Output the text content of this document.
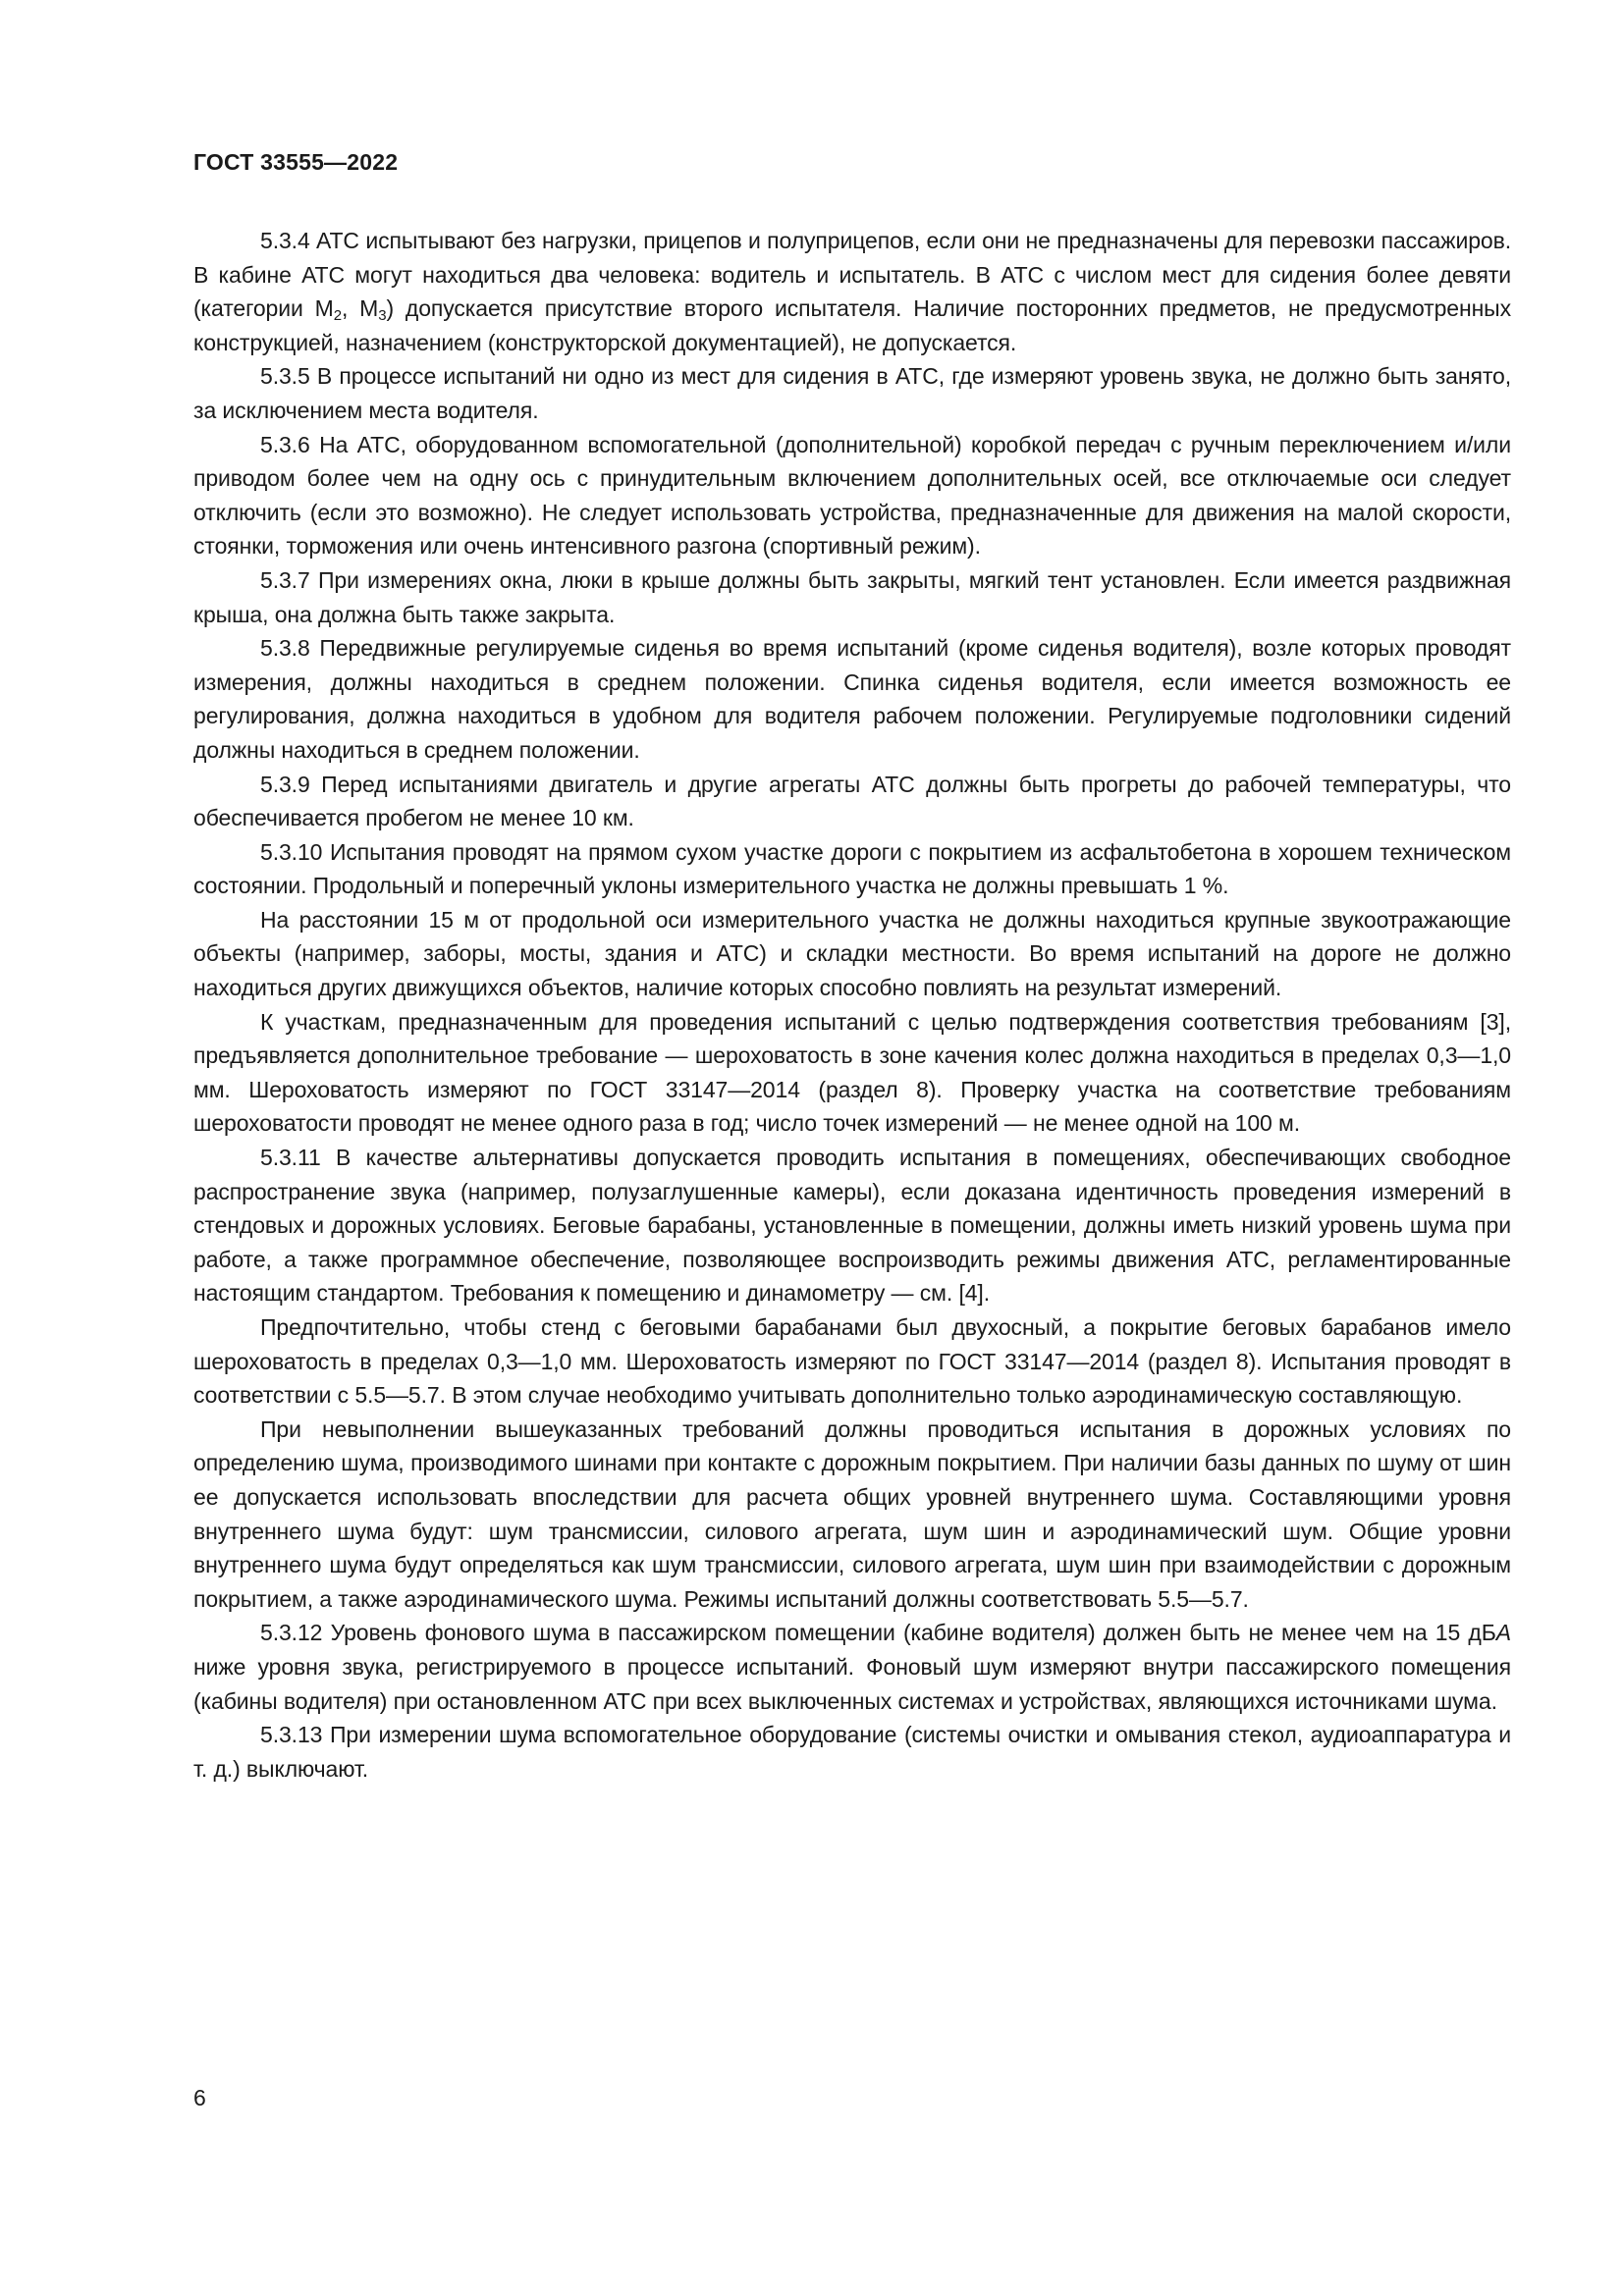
ГОСТ 33555—2022

5.3.4 АТС испытывают без нагрузки, прицепов и полуприцепов, если они не предназначены для перевозки пассажиров. В кабине АТС могут находиться два человека: водитель и испытатель. В АТС с числом мест для сидения более девяти (категории $M_2$, $M_3$) допускается присутствие второго испытателя. Наличие посторонних предметов, не предусмотренных конструкцией, назначением (конструкторской документацией), не допускается.

5.3.5 В процессе испытаний ни одно из мест для сидения в АТС, где измеряют уровень звука, не должно быть занято, за исключением места водителя.

5.3.6 На АТС, оборудованном вспомогательной (дополнительной) коробкой передач с ручным переключением и/или приводом более чем на одну ось с принудительным включением дополнительных осей, все отключаемые оси следует отключить (если это возможно). Не следует использовать устройства, предназначенные для движения на малой скорости, стоянки, торможения или очень интенсивного разгона (спортивный режим).

5.3.7 При измерениях окна, люки в крыше должны быть закрыты, мягкий тент установлен. Если имеется раздвижная крыша, она должна быть также закрыта.

5.3.8 Передвижные регулируемые сиденья во время испытаний (кроме сиденья водителя), возле которых проводят измерения, должны находиться в среднем положении. Спинка сиденья водителя, если имеется возможность ее регулирования, должна находиться в удобном для водителя рабочем положении. Регулируемые подголовники сидений должны находиться в среднем положении.

5.3.9 Перед испытаниями двигатель и другие агрегаты АТС должны быть прогреты до рабочей температуры, что обеспечивается пробегом не менее 10 км.

5.3.10 Испытания проводят на прямом сухом участке дороги с покрытием из асфальтобетона в хорошем техническом состоянии. Продольный и поперечный уклоны измерительного участка не должны превышать 1 %.

На расстоянии 15 м от продольной оси измерительного участка не должны находиться крупные звукоотражающие объекты (например, заборы, мосты, здания и АТС) и складки местности. Во время испытаний на дороге не должно находиться других движущихся объектов, наличие которых способно повлиять на результат измерений.

К участкам, предназначенным для проведения испытаний с целью подтверждения соответствия требованиям [3], предъявляется дополнительное требование — шероховатость в зоне качения колес должна находиться в пределах 0,3—1,0 мм. Шероховатость измеряют по ГОСТ 33147—2014 (раздел 8). Проверку участка на соответствие требованиям шероховатости проводят не менее одного раза в год; число точек измерений — не менее одной на 100 м.

5.3.11 В качестве альтернативы допускается проводить испытания в помещениях, обеспечивающих свободное распространение звука (например, полузаглушенные камеры), если доказана идентичность проведения измерений в стендовых и дорожных условиях. Беговые барабаны, установленные в помещении, должны иметь низкий уровень шума при работе, а также программное обеспечение, позволяющее воспроизводить режимы движения АТС, регламентированные настоящим стандартом. Требования к помещению и динамометру — см. [4].

Предпочтительно, чтобы стенд с беговыми барабанами был двухосный, а покрытие беговых барабанов имело шероховатость в пределах 0,3—1,0 мм. Шероховатость измеряют по ГОСТ 33147—2014 (раздел 8). Испытания проводят в соответствии с 5.5—5.7. В этом случае необходимо учитывать дополнительно только аэродинамическую составляющую.

При невыполнении вышеуказанных требований должны проводиться испытания в дорожных условиях по определению шума, производимого шинами при контакте с дорожным покрытием. При наличии базы данных по шуму от шин ее допускается использовать впоследствии для расчета общих уровней внутреннего шума. Составляющими уровня внутреннего шума будут: шум трансмиссии, силового агрегата, шум шин и аэродинамический шум. Общие уровни внутреннего шума будут определяться как шум трансмиссии, силового агрегата, шум шин при взаимодействии с дорожным покрытием, а также аэродинамического шума. Режимы испытаний должны соответствовать 5.5—5.7.

5.3.12 Уровень фонового шума в пассажирском помещении (кабине водителя) должен быть не менее чем на 15 дБА ниже уровня звука, регистрируемого в процессе испытаний. Фоновый шум измеряют внутри пассажирского помещения (кабины водителя) при остановленном АТС при всех выключенных системах и устройствах, являющихся источниками шума.

5.3.13 При измерении шума вспомогательное оборудование (системы очистки и омывания стекол, аудиоаппаратура и т. д.) выключают.

6
